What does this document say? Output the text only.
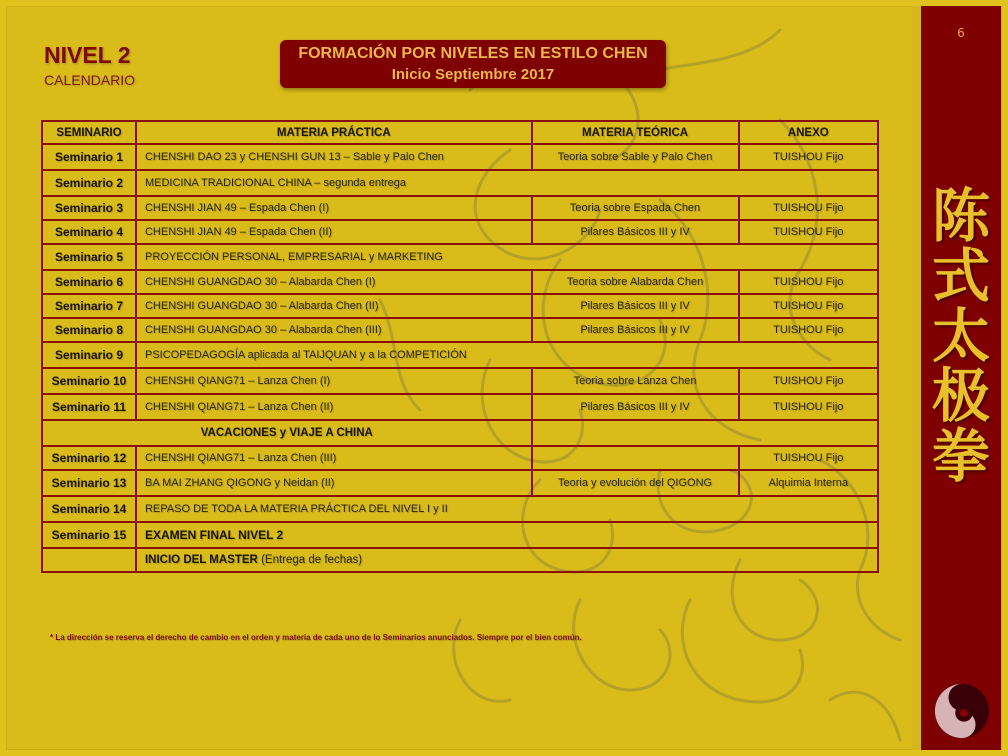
NIVEL 2
CALENDARIO
FORMACIÓN POR NIVELES EN ESTILO CHEN
Inicio Septiembre 2017
SEMINARIO	MATERIA PRÁCTICA	MATERIA TEÓRICA	ANEXO
Seminario 1	CHENSHI DAO 23 y CHENSHI GUN 13 – Sable y Palo Chen	Teoria sobre Sable y Palo Chen	TUISHOU Fijo
Seminario 2	MEDICINA TRADICIONAL CHINA – segunda entrega		
Seminario 3	CHENSHI JIAN 49 – Espada Chen (I)	Teoria sobre Espada Chen	TUISHOU Fijo
Seminario 4	CHENSHI JIAN 49 – Espada Chen (II)	Pilares Básicos III y IV	TUISHOU Fijo
Seminario 5	PROYECCIÓN PERSONAL, EMPRESARIAL y MARKETING		
Seminario 6	CHENSHI GUANGDAO 30 – Alabarda Chen (I)	Teoria sobre Alabarda Chen	TUISHOU Fijo
Seminario 7	CHENSHI GUANGDAO 30 – Alabarda Chen (II)	Pilares Básicos III y IV	TUISHOU Fijo
Seminario 8	CHENSHI GUANGDAO 30 – Alabarda Chen (III)	Pilares Básicos III y IV	TUISHOU Fijo
Seminario 9	PSICOPEDAGOGÍA aplicada al TAIJQUAN y a la COMPETICIÓN		
Seminario 10	CHENSHI QIANG71 – Lanza Chen (I)	Teoria sobre Lanza Chen	TUISHOU Fijo
Seminario 11	CHENSHI QIANG71 – Lanza Chen (II)	Pilares Básicos III y IV	TUISHOU Fijo
VACACIONES y VIAJE A CHINA			
Seminario 12	CHENSHI QIANG71 – Lanza Chen (III)		TUISHOU Fijo
Seminario 13	BA MAI ZHANG QIGONG y Neidan (II)	Teoria y evolución del QIGONG	Alquimia Interna
Seminario 14	REPASO DE TODA LA MATERIA PRÁCTICA DEL NIVEL I y II		
Seminario 15	EXAMEN FINAL NIVEL 2		
	INICIO DEL MASTER (Entrega de fechas)		
* La dirección se reserva el derecho de cambio en el orden y materia de cada uno de lo Seminarios anunciados. Siempre por el bien común.
6
陈
式
太
极
拳
